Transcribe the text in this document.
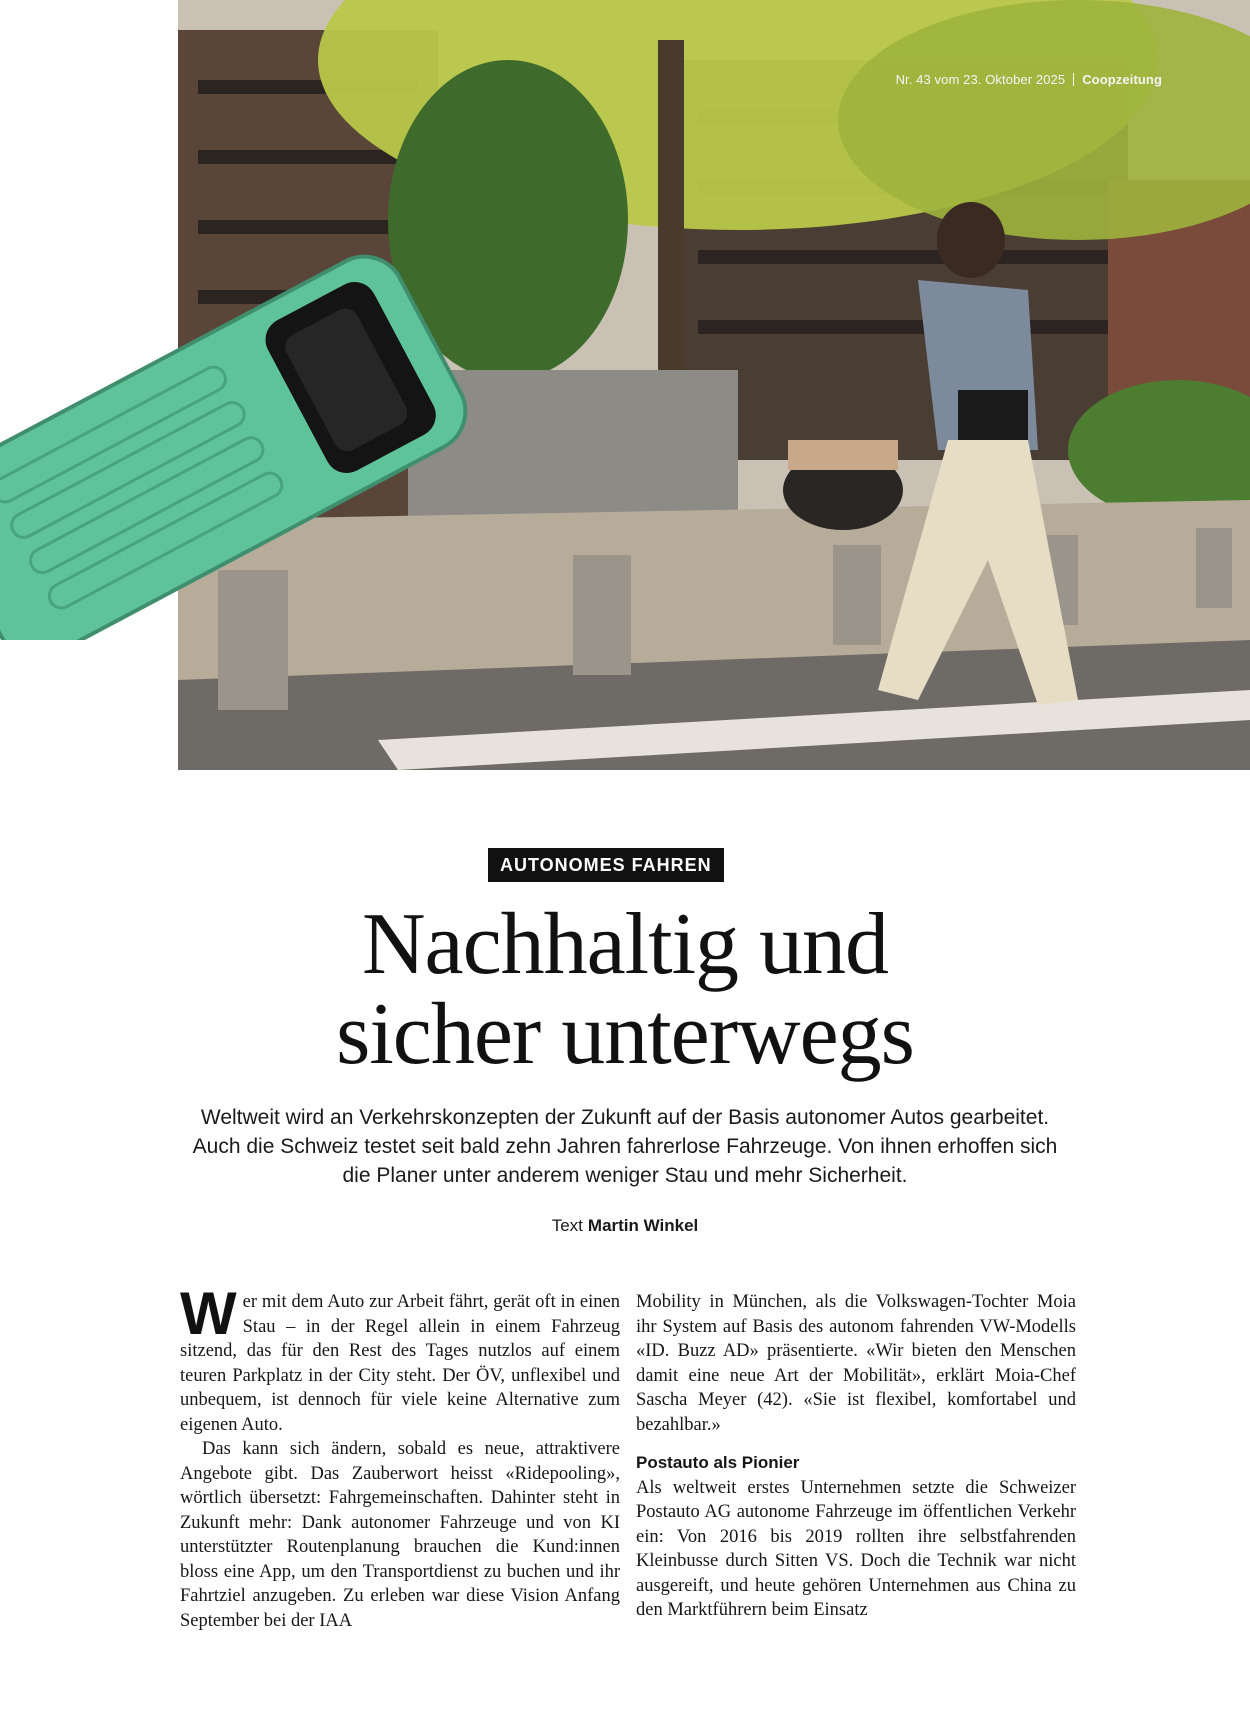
Nr. 43 vom 23. Oktober 2025 Coopzeitung
AUTONOMES FAHREN
Nachhaltig und
sicher unterwegs

Weltweit wird an Verkehrskonzepten der Zukunft auf der Basis autonomer Autos gearbeitet. Auch die Schweiz testet seit bald zehn Jahren fahrerlose Fahrzeuge. Von ihnen erhoffen sich die Planer unter anderem weniger Stau und mehr Sicherheit.

Text Martin Winkel

Wer mit dem Auto zur Arbeit fährt, gerät oft in einen Stau – in der Regel allein in einem Fahrzeug sitzend, das für den Rest des Tages nutzlos auf einem teuren Parkplatz in der City steht. Der ÖV, unflexibel und unbequem, ist dennoch für viele keine Alternative zum eigenen Auto.

Das kann sich ändern, sobald es neue, attraktivere Angebote gibt. Das Zauberwort heisst «Ridepooling», wörtlich übersetzt: Fahrgemeinschaften. Dahinter steht in Zukunft mehr: Dank autonomer Fahrzeuge und von KI unterstützter Routenplanung brauchen die Kund:innen bloss eine App, um den Transportdienst zu buchen und ihr Fahrtziel anzugeben. Zu erleben war diese Vision Anfang September bei der IAA

Mobility in München, als die Volkswagen-Tochter Moia ihr System auf Basis des autonom fahrenden VW-Modells «ID. Buzz AD» präsentierte. «Wir bieten den Menschen damit eine neue Art der Mobilität», erklärt Moia-Chef Sascha Meyer (42). «Sie ist flexibel, komfortabel und bezahlbar.»

Postauto als Pionier

Als weltweit erstes Unternehmen setzte die Schweizer Postauto AG autonome Fahrzeuge im öffentlichen Verkehr ein: Von 2016 bis 2019 rollten ihre selbstfahrenden Kleinbusse durch Sitten VS. Doch die Technik war nicht ausgereift, und heute gehören Unternehmen aus China zu den Marktführern beim Einsatz
